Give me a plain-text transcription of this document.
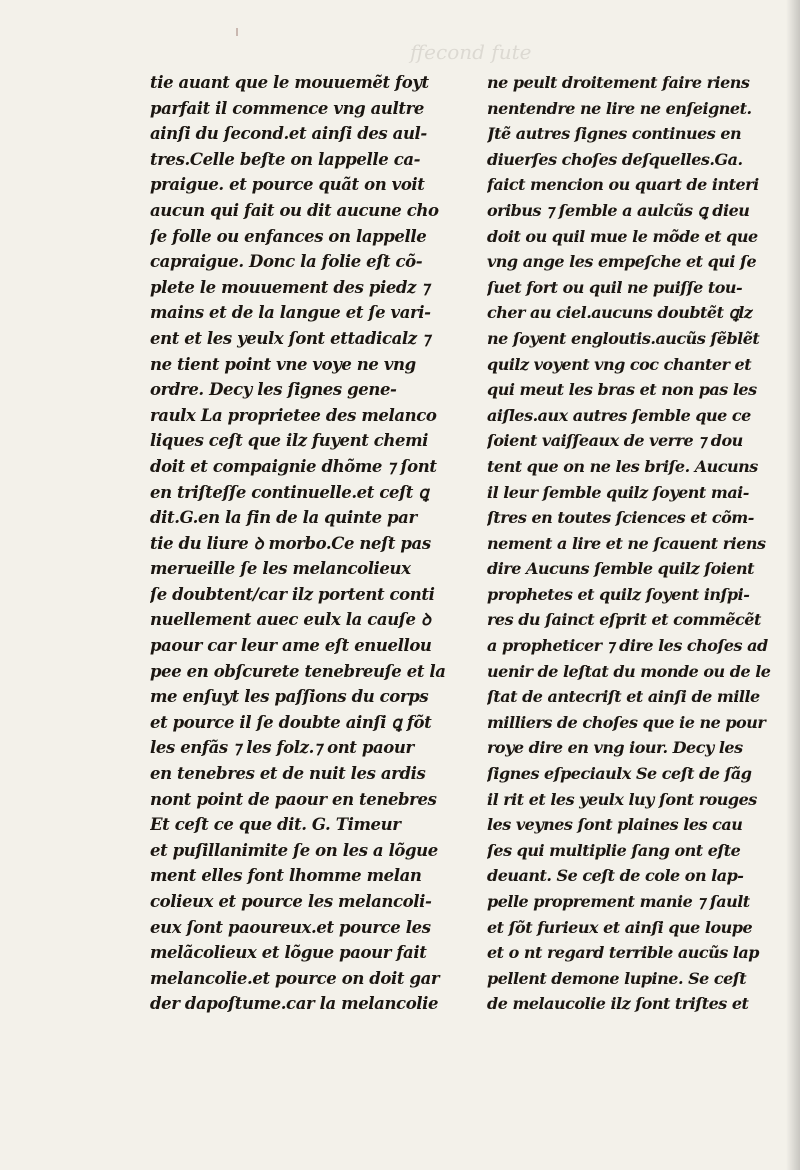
ffecond fute
tie auant que le mouuemẽt foyt
parfait il commence vng aultre
ainſi du ſecond.et ainſi des aul-
tres.Celle beſte on lappelle ca-
praigue. et pource quãt on voit
aucun qui fait ou dit aucune cho
ſe folle ou enfances on lappelle
capraigue. Donc la folie eſt cõ-
plete le mouuement des piedz ⁊
mains et de la langue et ſe vari-
ent et les yeulx ſont ettadicalz ⁊
ne tient point vne voye ne vng
ordre. Decy les ſignes gene-
raulx La proprietee des melanco
liques ceſt que ilz fuyent chemi
doit et compaignie dhõme ⁊ ſont
en triſteſſe continuelle.et ceſt ꝗ
dit.G.en la fin de la quinte par
tie du liure ꝺ morbo.Ce neſt pas
merueille ſe les melancolieux
ſe doubtent/car ilz portent conti
nuellement auec eulx la cauſe ꝺ
paour car leur ame eſt enuellou
pee en obſcurete tenebreuſe et la
me enſuyt les paſſions du corps
et pource il ſe doubte ainſi ꝗ fõt
les enfãs ⁊ les folz.⁊ ont paour
en tenebres et de nuit les ardis
nont point de paour en tenebres
Et ceſt ce que dit. G. Timeur
et puſillanimite ſe on les a lõgue
ment elles font lhomme melan
colieux et pource les melancoli-
eux ſont paoureux.et pource les
melãcolieux et lõgue paour fait
melancolie.et pource on doit gar
der dapoſtume.car la melancolie
ne peult droitement faire riens
nentendre ne lire ne enſeignet.
Jtẽ autres ſignes continues en
diuerſes choſes deſquelles.Ga.
faict mencion ou quart de interi
oribus ⁊ ſemble a aulcũs ꝗ dieu
doit ou quil mue le mõde et que
vng ange les empeſche et qui ſe
ſuet fort ou quil ne puiſſe tou-
cher au ciel.aucuns doubtẽt ꝗlz
ne ſoyent engloutis.aucũs ſẽblẽt
quilz voyent vng coc chanter et
qui meut les bras et non pas les
aiſles.aux autres ſemble que ce
ſoient vaiſſeaux de verre ⁊ dou
tent que on ne les briſe. Aucuns
il leur ſemble quilz ſoyent mai-
ſtres en toutes ſciences et cõm-
nement a lire et ne ſcauent riens
dire Aucuns ſemble quilz ſoient
prophetes et quilz ſoyent inſpi-
res du ſainct eſprit et commẽcẽt
a propheticer ⁊ dire les choſes ad
uenir de leſtat du monde ou de le
ſtat de antecriſt et ainſi de mille
milliers de choſes que ie ne pour
roye dire en vng iour. Decy les
ſignes eſpeciaulx Se ceſt de ſãg
il rit et les yeulx luy ſont rouges
les veynes ſont plaines les cau
ſes qui multiplie ſang ont eſte
deuant. Se ceſt de cole on lap-
pelle proprement manie ⁊ ſault
et ſõt furieux et ainſi que loupe
et o nt regard terrible aucũs lap
pellent demone lupine. Se ceſt
de melaucolie ilz ſont triſtes et
